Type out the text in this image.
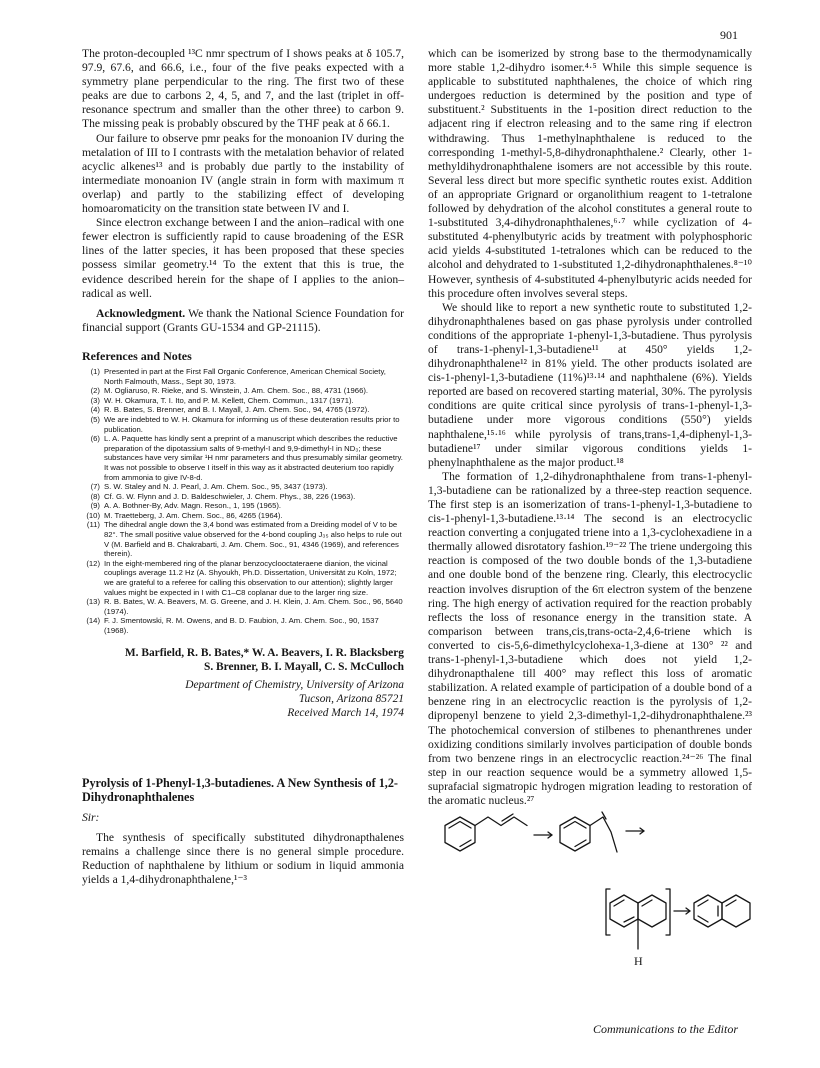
901

The proton-decoupled ¹³C nmr spectrum of I shows peaks at δ 105.7, 97.9, 67.6, and 66.6, i.e., four of the five peaks expected with a symmetry plane perpendicular to the ring. The first two of these peaks are due to carbons 2, 4, 5, and 7, and the last (triplet in off-resonance spectrum and smaller than the other three) to carbon 9. The missing peak is probably obscured by the THF peak at δ 66.1.

Our failure to observe pmr peaks for the monoanion IV during the metalation of III to I contrasts with the metalation behavior of related acyclic alkenes¹³ and is probably due partly to the instability of intermediate monoanion IV (angle strain in form with maximum π overlap) and partly to the stabilizing effect of developing homoaromaticity on the transition state between IV and I.

Since electron exchange between I and the anion–radical with one fewer electron is sufficiently rapid to cause broadening of the ESR lines of the latter species, it has been proposed that these species possess similar geometry.¹⁴ To the extent that this is true, the evidence described herein for the shape of I applies to the anion–radical as well.

Acknowledgment. We thank the National Science Foundation for financial support (Grants GU-1534 and GP-21115).

References and Notes
(1) Presented in part at the First Fall Organic Conference, American Chemical Society, North Falmouth, Mass., Sept 30, 1973.
(2) M. Ogliaruso, R. Rieke, and S. Winstein, J. Am. Chem. Soc., 88, 4731 (1966).
(3) W. H. Okamura, T. I. Ito, and P. M. Kellett, Chem. Commun., 1317 (1971).
(4) R. B. Bates, S. Brenner, and B. I. Mayall, J. Am. Chem. Soc., 94, 4765 (1972).
(5) We are indebted to W. H. Okamura for informing us of these deuteration results prior to publication.
(6) L. A. Paquette has kindly sent a preprint of a manuscript which describes the reductive preparation of the dipotassium salts of 9-methyl-I and 9,9-dimethyl-I in ND₃; these substances have very similar ¹H nmr parameters and thus presumably similar geometry. It was not possible to observe I itself in this way as it abstracted deuterium too rapidly from ammonia to give IV-8-d.
(7) S. W. Staley and N. J. Pearl, J. Am. Chem. Soc., 95, 3437 (1973).
(8) Cf. G. W. Flynn and J. D. Baldeschwieler, J. Chem. Phys., 38, 226 (1963).
(9) A. A. Bothner-By, Adv. Magn. Reson., 1, 195 (1965).
(10) M. Traetteberg, J. Am. Chem. Soc., 86, 4265 (1964).
(11) The dihedral angle down the 3,4 bond was estimated from a Dreiding model of V to be 82°. The small positive value observed for the 4-bond coupling J₃₅ also helps to rule out V (M. Barfield and B. Chakrabarti, J. Am. Chem. Soc., 91, 4346 (1969), and references therein).
(12) In the eight-membered ring of the planar benzocyclooctateraene dianion, the vicinal couplings average 11.2 Hz (A. Shyoukh, Ph.D. Dissertation, Universität zu Koln, 1972; we are grateful to a referee for calling this observation to our attention); slightly larger values might be expected in I with C1–C8 coplanar due to the larger ring size.
(13) R. B. Bates, W. A. Beavers, M. G. Greene, and J. H. Klein, J. Am. Chem. Soc., 96, 5640 (1974).
(14) F. J. Smentowski, R. M. Owens, and B. D. Faubion, J. Am. Chem. Soc., 90, 1537 (1968).
M. Barfield, R. B. Bates,* W. A. Beavers, I. R. Blacksberg
S. Brenner, B. I. Mayall, C. S. McCulloch
Department of Chemistry, University of Arizona
Tucson, Arizona 85721
Received March 14, 1974
Pyrolysis of 1-Phenyl-1,3-butadienes. A New Synthesis of 1,2-Dihydronaphthalenes
Sir:

The synthesis of specifically substituted dihydronapthalenes remains a challenge since there is no general simple procedure. Reduction of naphthalene by lithium or sodium in liquid ammonia yields a 1,4-dihydronaphthalene,¹⁻³

which can be isomerized by strong base to the thermodynamically more stable 1,2-dihydro isomer.⁴·⁵ While this simple sequence is applicable to substituted naphthalenes, the choice of which ring undergoes reduction is determined by the position and type of substituent.² Substituents in the 1-position direct reduction to the adjacent ring if electron releasing and to the same ring if electron withdrawing. Thus 1-methylnaphthalene is reduced to the corresponding 1-methyl-5,8-dihydronaphthalene.² Clearly, other 1-methyldihydronaphthalene isomers are not accessible by this route. Several less direct but more specific synthetic routes exist. Addition of an appropriate Grignard or organolithium reagent to 1-tetralone followed by dehydration of the alcohol constitutes a general route to 1-substituted 3,4-dihydronaphthalenes,⁶·⁷ while cyclization of 4-substituted 4-phenylbutyric acids by treatment with polyphosphoric acid yields 4-substituted 1-tetralones which can be reduced to the alcohol and dehydrated to 1-substituted 1,2-dihydronaphthalenes.⁸⁻¹⁰ However, synthesis of 4-substituted 4-phenylbutyric acids needed for this procedure often involves several steps.

We should like to report a new synthetic route to substituted 1,2-dihydronaphthalenes based on gas phase pyrolysis under controlled conditions of the appropriate 1-phenyl-1,3-butadiene. Thus pyrolysis of trans-1-phenyl-1,3-butadiene¹¹ at 450° yields 1,2-dihydronaphthalene¹² in 81% yield. The other products isolated are cis-1-phenyl-1,3-butadiene (11%)¹³·¹⁴ and naphthalene (6%). Yields reported are based on recovered starting material, 30%. The pyrolysis conditions are quite critical since pyrolysis of trans-1-phenyl-1,3-butadiene under more vigorous conditions (550°) yields naphthalene,¹⁵·¹⁶ while pyrolysis of trans,trans-1,4-diphenyl-1,3-butadiene¹⁷ under similar vigorous conditions yields 1-phenylnaphthalene as the major product.¹⁸

The formation of 1,2-dihydronaphthalene from trans-1-phenyl-1,3-butadiene can be rationalized by a three-step reaction sequence. The first step is an isomerization of trans-1-phenyl-1,3-butadiene to cis-1-phenyl-1,3-butadiene.¹³·¹⁴ The second is an electrocyclic reaction converting a conjugated triene into a 1,3-cyclohexadiene in a thermally allowed disrotatory fashion.¹⁹⁻²² The triene undergoing this reaction is composed of the two double bonds of the 1,3-butadiene and one double bond of the benzene ring. Clearly, this electrocyclic reaction involves disruption of the 6π electron system of the benzene ring. The high energy of activation required for the reaction probably reflects the loss of resonance energy in the transition state. A comparison between trans,cis,trans-octa-2,4,6-triene which is converted to cis-5,6-dimethylcyclohexa-1,3-diene at 130° ²² and trans-1-phenyl-1,3-butadiene which does not yield 1,2-dihydronapthalene till 400° may reflect this loss of aromatic stabilization. A related example of participation of a double bond of a benzene ring in an electrocyclic reaction is the pyrolysis of 1,2-dipropenyl benzene to yield 2,3-dimethyl-1,2-dihydronaphthalene.²³ The photochemical conversion of stilbenes to phenanthrenes under oxidizing conditions similarly involves participation of double bonds from two benzene rings in an electrocyclic reaction.²⁴⁻²⁶ The final step in our reaction sequence would be a symmetry allowed 1,5-suprafacial sigmatropic hydrogen migration leading to restoration of the aromatic nucleus.²⁷

H
Communications to the Editor
